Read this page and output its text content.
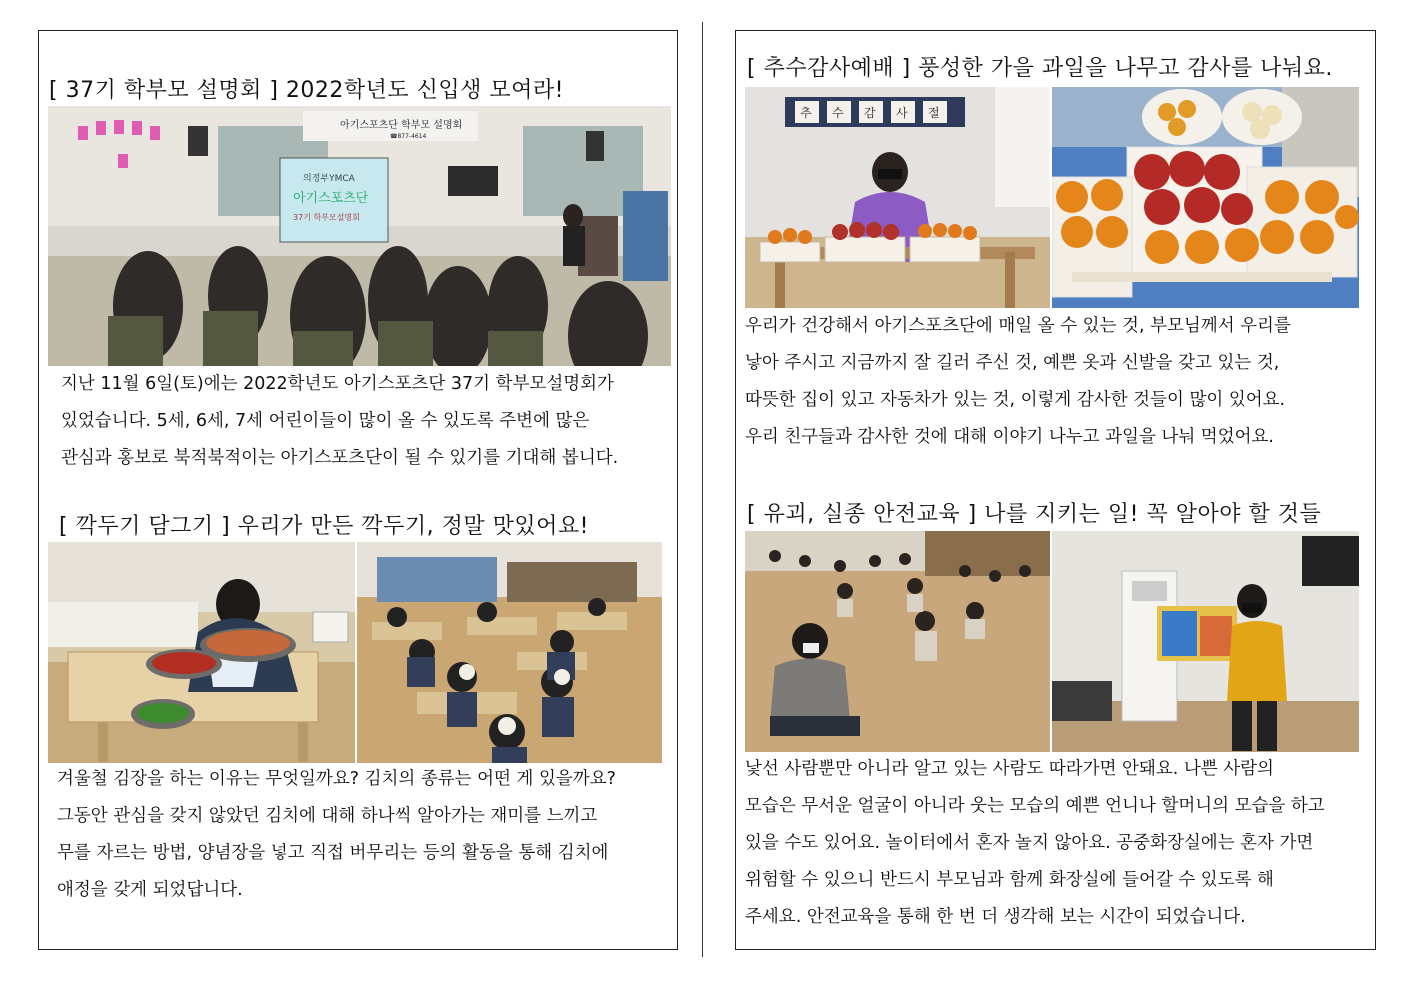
[ 37기 학부모 설명회 ] 2022학년도 신입생 모여라!
아기스포츠단 학부모 설명회
☎877-4614
의정부YMCA
아기스포츠단
37기 학부모설명회

지난 11월 6일(토)에는 2022학년도 아기스포츠단 37기 학부모설명회가
있었습니다. 5세, 6세, 7세 어린이들이 많이 올 수 있도록 주변에 많은
관심과 홍보로 북적북적이는 아기스포츠단이 될 수 있기를 기대해 봅니다.

[ 깍두기 담그기 ] 우리가 만든 깍두기, 정말 맛있어요!

겨울철 김장을 하는 이유는 무엇일까요? 김치의 종류는 어떤 게 있을까요?
그동안 관심을 갖지 않았던 김치에 대해 하나씩 알아가는 재미를 느끼고
무를 자르는 방법, 양념장을 넣고 직접 버무리는 등의 활동을 통해 김치에
애정을 갖게 되었답니다.

[ 추수감사예배 ] 풍성한 가을 과일을 나무고 감사를 나눠요.
추 수 감 사 절

우리가 건강해서 아기스포츠단에 매일 올 수 있는 것, 부모님께서 우리를
낳아 주시고 지금까지 잘 길러 주신 것, 예쁜 옷과 신발을 갖고 있는 것,
따뜻한 집이 있고 자동차가 있는 것, 이렇게 감사한 것들이 많이 있어요.
우리 친구들과 감사한 것에 대해 이야기 나누고 과일을 나눠 먹었어요.

[ 유괴, 실종 안전교육 ] 나를 지키는 일! 꼭 알아야 할 것들

낯선 사람뿐만 아니라 알고 있는 사람도 따라가면 안돼요. 나쁜 사람의
모습은 무서운 얼굴이 아니라 웃는 모습의 예쁜 언니나 할머니의 모습을 하고
있을 수도 있어요. 놀이터에서 혼자 놀지 않아요. 공중화장실에는 혼자 가면
위험할 수 있으니 반드시 부모님과 함께 화장실에 들어갈 수 있도록 해
주세요. 안전교육을 통해 한 번 더 생각해 보는 시간이 되었습니다.
